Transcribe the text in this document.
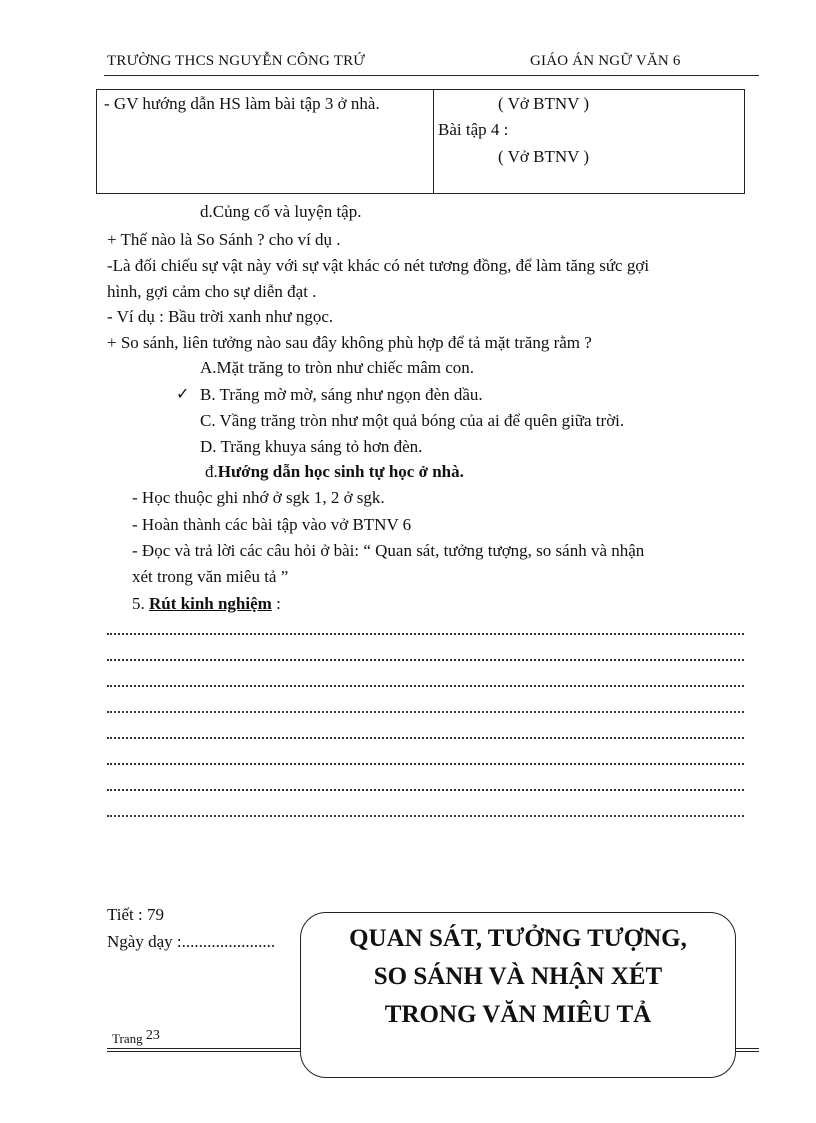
TRƯỜNG THCS NGUYỄN CÔNG TRỨ	GIÁO ÁN NGỮ VĂN 6
- GV hướng dẫn HS làm bài tập 3 ở nhà.	( Vở BTNV )
Bài tập 4 :
( Vở BTNV )
d.Củng cố và luyện tập.
+ Thế nào là So Sánh ? cho ví dụ .
-Là đối chiếu sự vật này với sự vật khác có nét tương đồng, để làm tăng sức gợi
hình, gợi cảm cho sự diễn đạt .
- Ví dụ : Bầu trời xanh như ngọc.
+ So sánh, liên tưởng nào sau đây không phù hợp để tả mặt trăng rằm ?
A.Mặt trăng to tròn như chiếc mâm con.
✓ B. Trăng mờ mờ, sáng như ngọn đèn dầu.
C. Vầng trăng tròn như một quả bóng của ai để quên giữa trời.
D. Trăng khuya sáng tỏ hơn đèn.
đ.Hướng dẫn học sinh tự học ở nhà.
- Học thuộc ghi nhớ ở sgk 1, 2 ở sgk.
- Hoàn thành các bài tập vào vở BTNV 6
- Đọc và trả lời các câu hỏi ở bài: “ Quan sát, tưởng tượng, so sánh và nhận
xét trong văn miêu tả ”
5. Rút kinh nghiệm :
Tiết : 79
Ngày dạy :......................
Trang 23
QUAN SÁT, TƯỞNG TƯỢNG,
SO SÁNH VÀ NHẬN XÉT
TRONG VĂN MIÊU TẢ
